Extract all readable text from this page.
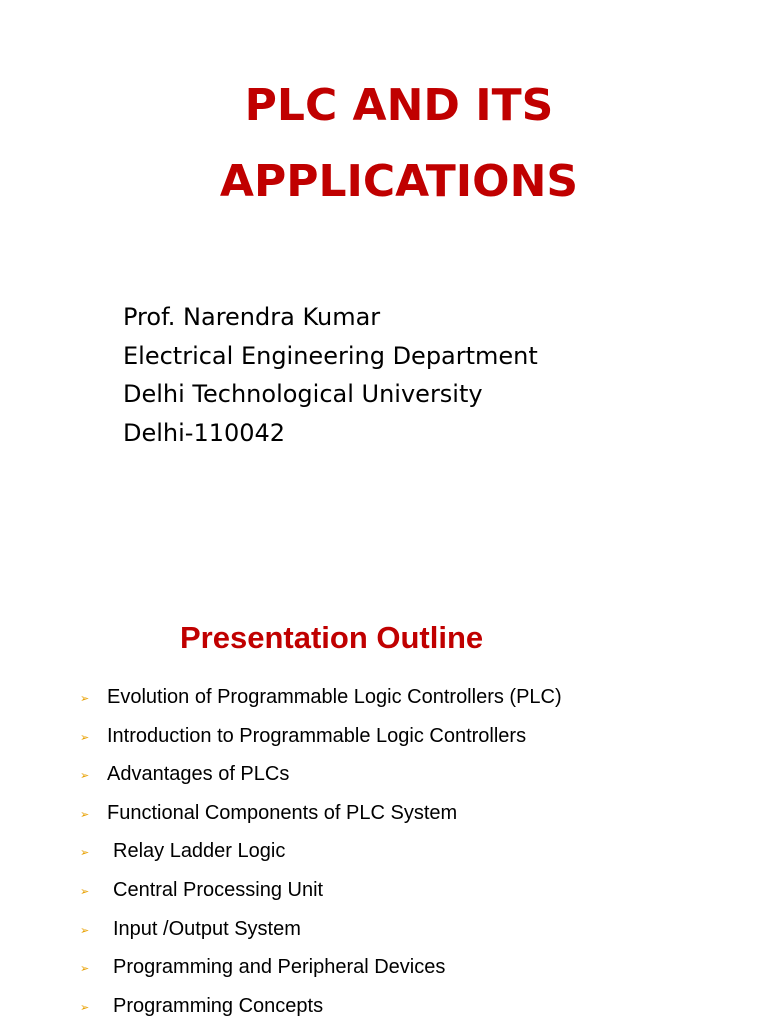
PLC AND ITS
APPLICATIONS
Prof. Narendra Kumar
Electrical Engineering Department
Delhi Technological University
Delhi-110042
Presentation Outline
➢ Evolution of Programmable Logic Controllers (PLC)
➢ Introduction to Programmable Logic Controllers
➢ Advantages of PLCs
➢ Functional Components of PLC System
➢ Relay Ladder Logic
➢ Central Processing Unit
➢ Input /Output System
➢ Programming and Peripheral Devices
➢ Programming Concepts
